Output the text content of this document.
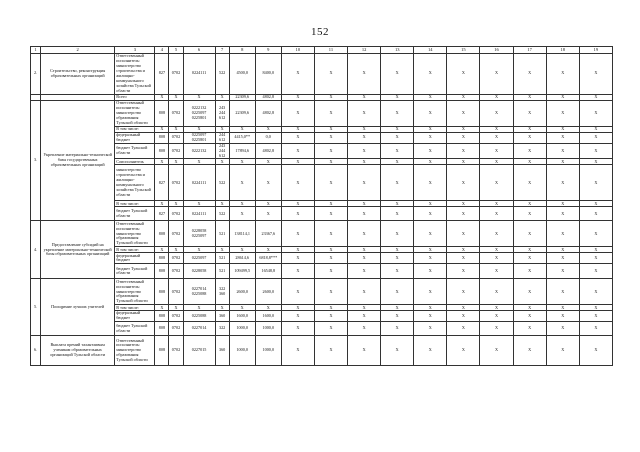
152
1	2	3	4	5	6	7	8	9	10	11	12	13	14	15	16	17	18	19
2.	Строительство, реконструкция образовательных организаций	Ответственный исполнитель: министерство строительства и жилищно-коммунального хозяйства Тульской области	827	0702	0224111	522	4500,0	8400,0	X	X	X	X	X	X	X	X	X	X
		Всего	X	X	X	X	22309,6	4802,8	X	X	X	X	X	X	X	X	X	X
3.	Укрепление материально-технической базы государственных образовательных организаций	Ответственный исполнитель: министерство образования Тульской области	808	0702	0222132 0225097 0225801	243 244 612	22309,6	4802,8	X	X	X	X	X	X	X	X	X	X
		В том числе:	X	X	X	X	X	X	X	X	X	X	X	X	X	X	X	X
		федеральный бюджет	808	0702	0225097 0225801	244 612	4415,0**	0,0	X	X	X	X	X	X	X	X	X	X
		бюджет Тульской области	808	0702	0222132	243 244 612	17894,6	4802,8	X	X	X	X	X	X	X	X	X	X
		Соисполнитель	X	X	X	X	X	X	X	X	X	X	X	X	X	X	X	X
		министерство строительства и жилищно-коммунального хозяйства Тульской области	827	0702	0224111	522	X	X	X	X	X	X	X	X	X	X	X	X
		В том числе:	X	X	X	X	X	X	X	X	X	X	X	X	X	X	X	X
		бюджет Тульской области	827	0702	0224111	522	X	X	X	X	X	X	X	X	X	X	X	X
4.	Предоставление субсидий на укрепление материально-технической базы образовательных организаций	Ответственный исполнитель: министерство образования Тульской области	808	0702	0228058 0225097	521	138114,1	23367,6	X	X	X	X	X	X	X	X	X	X
		В том числе:	X	X	X	X	X	X	X	X	X	X	X	X	X	X	X	X
		федеральный бюджет	808	0702	0225097	521	28614,6	6818,8***	X	X	X	X	X	X	X	X	X	X
		бюджет Тульской области	808	0702	0228058	521	109499,5	16548,8	X	X	X	X	X	X	X	X	X	X
5.	Поощрение лучших учителей	Ответственный исполнитель: министерство образования Тульской области	808	0702	0227014 0225088	322 360	2600,0	2600,0	X	X	X	X	X	X	X	X	X	X
		В том числе:	X	X	X	X	X	X	X	X	X	X	X	X	X	X	X	X
		федеральный бюджет	808	0702	0225088	360	1600,0	1600,0	X	X	X	X	X	X	X	X	X	X
		бюджет Тульской области	808	0702	0227014	322	1000,0	1000,0	X	X	X	X	X	X	X	X	X	X
6.	Выплата премий талантливым ученикам образовательных организаций Тульской области	Ответственный исполнитель: министерство образования Тульской области	808	0702	0227015	360	1000,0	1000,0	X	X	X	X	X	X	X	X	X	X
